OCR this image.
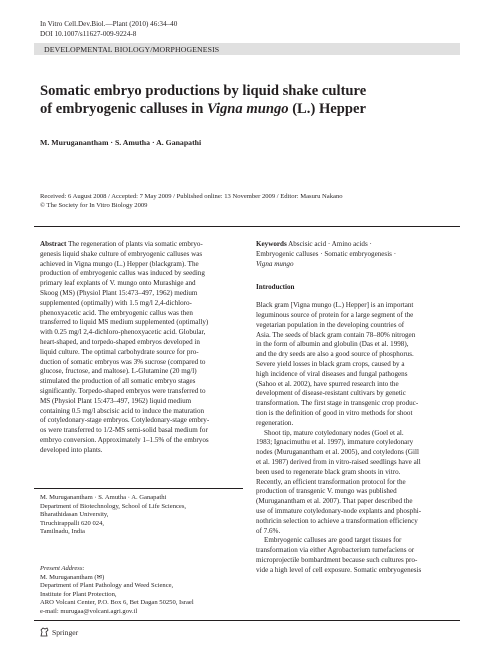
In Vitro Cell.Dev.Biol.—Plant (2010) 46:34–40
DOI 10.1007/s11627-009-9224-8
DEVELOPMENTAL BIOLOGY/MORPHOGENESIS
Somatic embryo productions by liquid shake culture
of embryogenic calluses in Vigna mungo (L.) Hepper
M. Muruganantham · S. Amutha · A. Ganapathi
Received: 6 August 2008 / Accepted: 7 May 2009 / Published online: 13 November 2009 / Editor: Masuru Nakano
© The Society for In Vitro Biology 2009
Abstract The regeneration of plants via somatic embryo-
genesis liquid shake culture of embryogenic calluses was
achieved in Vigna mungo (L.) Hepper (blackgram). The
production of embryogenic callus was induced by seeding
primary leaf explants of V. mungo onto Murashige and
Skoog (MS) (Physiol Plant 15:473–497, 1962) medium
supplemented (optimally) with 1.5 mg/l 2,4-dichloro-
phenoxyacetic acid. The embryogenic callus was then
transferred to liquid MS medium supplemented (optimally)
with 0.25 mg/l 2,4-dichloro-phenoxyacetic acid. Globular,
heart-shaped, and torpedo-shaped embryos developed in
liquid culture. The optimal carbohydrate source for pro-
duction of somatic embryos was 3% sucrose (compared to
glucose, fructose, and maltose). L-Glutamine (20 mg/l)
stimulated the production of all somatic embryo stages
significantly. Torpedo-shaped embryos were transferred to
MS (Physiol Plant 15:473–497, 1962) liquid medium
containing 0.5 mg/l abscisic acid to induce the maturation
of cotyledonary-stage embryos. Cotyledonary-stage embry-
os were transferred to 1/2-MS semi-solid basal medium for
embryo conversion. Approximately 1–1.5% of the embryos
developed into plants.
M. Muruganantham · S. Amutha · A. Ganapathi
Department of Biotechnology, School of Life Sciences,
Bharathidasan University,
Tiruchirappalli 620 024,
Tamilnadu, India
Present Address:
M. Muruganantham (✉)
Department of Plant Pathology and Weed Science,
Institute for Plant Protection,
ARO Volcani Center, P.O. Box 6, Bet Dagan 50250, Israel
e-mail: murugaa@volcani.agri.gov.il
Springer
Keywords Abscisic acid · Amino acids ·
Embryogenic calluses · Somatic embryogenesis ·
Vigna mungo
Introduction
Black gram [Vigna mungo (L.) Hepper] is an important
leguminous source of protein for a large segment of the
vegetarian population in the developing countries of
Asia. The seeds of black gram contain 78–80% nitrogen
in the form of albumin and globulin (Das et al. 1998),
and the dry seeds are also a good source of phosphorus.
Severe yield losses in black gram crops, caused by a
high incidence of viral diseases and fungal pathogens
(Sahoo et al. 2002), have spurred research into the
development of disease-resistant cultivars by genetic
transformation. The first stage in transgenic crop produc-
tion is the definition of good in vitro methods for shoot
regeneration.
Shoot tip, mature cotyledonary nodes (Goel et al.
1983; Ignacimuthu et al. 1997), immature cotyledonary
nodes (Muruganantham et al. 2005), and cotyledons (Gill
et al. 1987) derived from in vitro-raised seedlings have all
been used to regenerate black gram shoots in vitro.
Recently, an efficient transformation protocol for the
production of transgenic V. mungo was published
(Muruganantham et al. 2007). That paper described the
use of immature cotyledonary-node explants and phosphi-
nothricin selection to achieve a transformation efficiency
of 7.6%.
Embryogenic calluses are good target tissues for
transformation via either Agrobacterium tumefaciens or
microprojectile bombardment because such cultures pro-
vide a high level of cell exposure. Somatic embryogenesis
